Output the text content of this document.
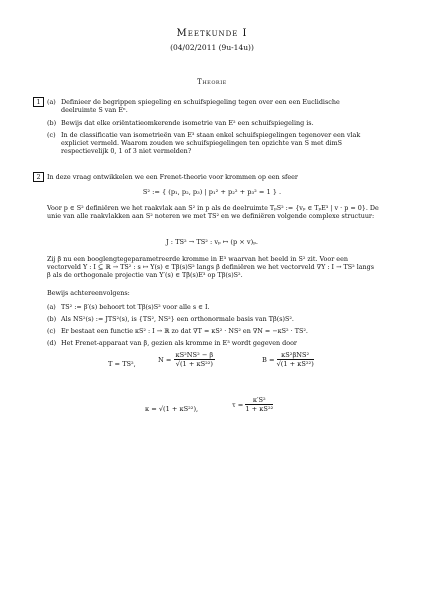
Meetkunde I
(04/02/2011 (9u-14u))
Theorie
1	(a) Definieer de begrippen spiegeling en schuifspiegeling tegen over een een Euclidische deelruimte S van Eⁿ.
(b) Bewijs dat elke oriëntatieomkerende isometrie van E² een schuifspiegeling is.
(c) In de classificatie van isometrieën van E³ staan enkel schuifspiegelingen tegenover een vlak expliciet vermeld. Waarom zouden we schuifspiegelingen ten opzichte van S met dimS respectievelijk 0, 1 of 3 niet vermelden?
2	In deze vraag ontwikkelen we een Frenet-theorie voor krommen op een sfeer
S² := { (p₁, p₂, p₃) | p₁² + p₂² + p₃² = 1 } .
Voor p ∈ S² definiëren we het raakvlak aan S² in p als de deelruimte TₚS² := {vₚ ∈ TₚE³ | v · p = 0}. De unie van alle raakvlakken aan S² noteren we met TS² en we definiëren volgende complexe structuur:
J : TS² → TS² : vₚ ↦ (p × v)ₚ.
Zij β nu een booglengtegeparametreerde kromme in E³ waarvan het beeld in S² zit. Voor een vectorveld Y : I ⊆ ℝ → TS² : s ↦ Y(s) ∈ Tβ(s)S² langs β definiëren we het vectorveld ∇Y : I → TS² langs β als de orthogonale projectie van Y′(s) ∈ Tβ(s)E³ op Tβ(s)S².
Bewijs achtereenvolgens:
(a) TS² := β′(s) behoort tot Tβ(s)S² voor alle s ∈ I.
(b) Als NS²(s) := JTS²(s), is {TS², NS²} een orthonormale basis van Tβ(s)S².
(c) Er bestaat een functie κS² : I → ℝ zo dat ∇T = κS² · NS² en ∇N = −κS² · TS².
(d) Het Frenet-apparaat van β, gezien als kromme in E³ wordt gegeven door
T = TS²,	$N = \frac{\text{κS²NS² − β}}{\text{√(1 + κS²²)}}$	$B = \frac{\text{κS²βNS²}}{\text{√(1 + κS²²)}}$
κ = √(1 + κS²²),	$\tau = \frac{\text{κ′S²}}{\text{1 + κS²²}}$
